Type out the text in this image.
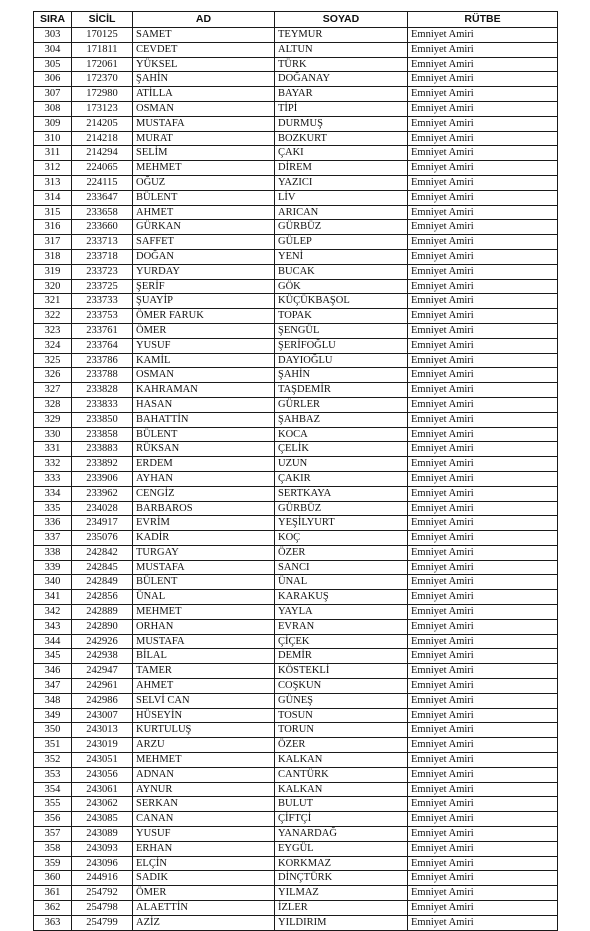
SIRA	SİCİL	AD	SOYAD	RÜTBE
303	170125	SAMET	TEYMUR	Emniyet Amiri
304	171811	CEVDET	ALTUN	Emniyet Amiri
305	172061	YÜKSEL	TÜRK	Emniyet Amiri
306	172370	ŞAHİN	DOĞANAY	Emniyet Amiri
307	172980	ATİLLA	BAYAR	Emniyet Amiri
308	173123	OSMAN	TİPİ	Emniyet Amiri
309	214205	MUSTAFA	DURMUŞ	Emniyet Amiri
310	214218	MURAT	BOZKURT	Emniyet Amiri
311	214294	SELİM	ÇAKI	Emniyet Amiri
312	224065	MEHMET	DİREM	Emniyet Amiri
313	224115	OĞUZ	YAZICI	Emniyet Amiri
314	233647	BÜLENT	LİV	Emniyet Amiri
315	233658	AHMET	ARICAN	Emniyet Amiri
316	233660	GÜRKAN	GÜRBÜZ	Emniyet Amiri
317	233713	SAFFET	GÜLEP	Emniyet Amiri
318	233718	DOĞAN	YENİ	Emniyet Amiri
319	233723	YURDAY	BUCAK	Emniyet Amiri
320	233725	ŞERİF	GÖK	Emniyet Amiri
321	233733	ŞUAYİP	KÜÇÜKBAŞOL	Emniyet Amiri
322	233753	ÖMER FARUK	TOPAK	Emniyet Amiri
323	233761	ÖMER	ŞENGÜL	Emniyet Amiri
324	233764	YUSUF	ŞERİFOĞLU	Emniyet Amiri
325	233786	KAMİL	DAYIOĞLU	Emniyet Amiri
326	233788	OSMAN	ŞAHİN	Emniyet Amiri
327	233828	KAHRAMAN	TAŞDEMİR	Emniyet Amiri
328	233833	HASAN	GÜRLER	Emniyet Amiri
329	233850	BAHATTİN	ŞAHBAZ	Emniyet Amiri
330	233858	BÜLENT	KOCA	Emniyet Amiri
331	233883	RÜKSAN	ÇELİK	Emniyet Amiri
332	233892	ERDEM	UZUN	Emniyet Amiri
333	233906	AYHAN	ÇAKIR	Emniyet Amiri
334	233962	CENGİZ	SERTKAYA	Emniyet Amiri
335	234028	BARBAROS	GÜRBÜZ	Emniyet Amiri
336	234917	EVRİM	YEŞİLYURT	Emniyet Amiri
337	235076	KADİR	KOÇ	Emniyet Amiri
338	242842	TURGAY	ÖZER	Emniyet Amiri
339	242845	MUSTAFA	SANCI	Emniyet Amiri
340	242849	BÜLENT	ÜNAL	Emniyet Amiri
341	242856	ÜNAL	KARAKUŞ	Emniyet Amiri
342	242889	MEHMET	YAYLA	Emniyet Amiri
343	242890	ORHAN	EVRAN	Emniyet Amiri
344	242926	MUSTAFA	ÇİÇEK	Emniyet Amiri
345	242938	BİLAL	DEMİR	Emniyet Amiri
346	242947	TAMER	KÖSTEKLİ	Emniyet Amiri
347	242961	AHMET	COŞKUN	Emniyet Amiri
348	242986	SELVİ CAN	GÜNEŞ	Emniyet Amiri
349	243007	HÜSEYİN	TOSUN	Emniyet Amiri
350	243013	KURTULUŞ	TORUN	Emniyet Amiri
351	243019	ARZU	ÖZER	Emniyet Amiri
352	243051	MEHMET	KALKAN	Emniyet Amiri
353	243056	ADNAN	CANTÜRK	Emniyet Amiri
354	243061	AYNUR	KALKAN	Emniyet Amiri
355	243062	SERKAN	BULUT	Emniyet Amiri
356	243085	CANAN	ÇİFTÇİ	Emniyet Amiri
357	243089	YUSUF	YANARDAĞ	Emniyet Amiri
358	243093	ERHAN	EYGÜL	Emniyet Amiri
359	243096	ELÇİN	KORKMAZ	Emniyet Amiri
360	244916	SADIK	DİNÇTÜRK	Emniyet Amiri
361	254792	ÖMER	YILMAZ	Emniyet Amiri
362	254798	ALAETTİN	İZLER	Emniyet Amiri
363	254799	AZİZ	YILDIRIM	Emniyet Amiri
